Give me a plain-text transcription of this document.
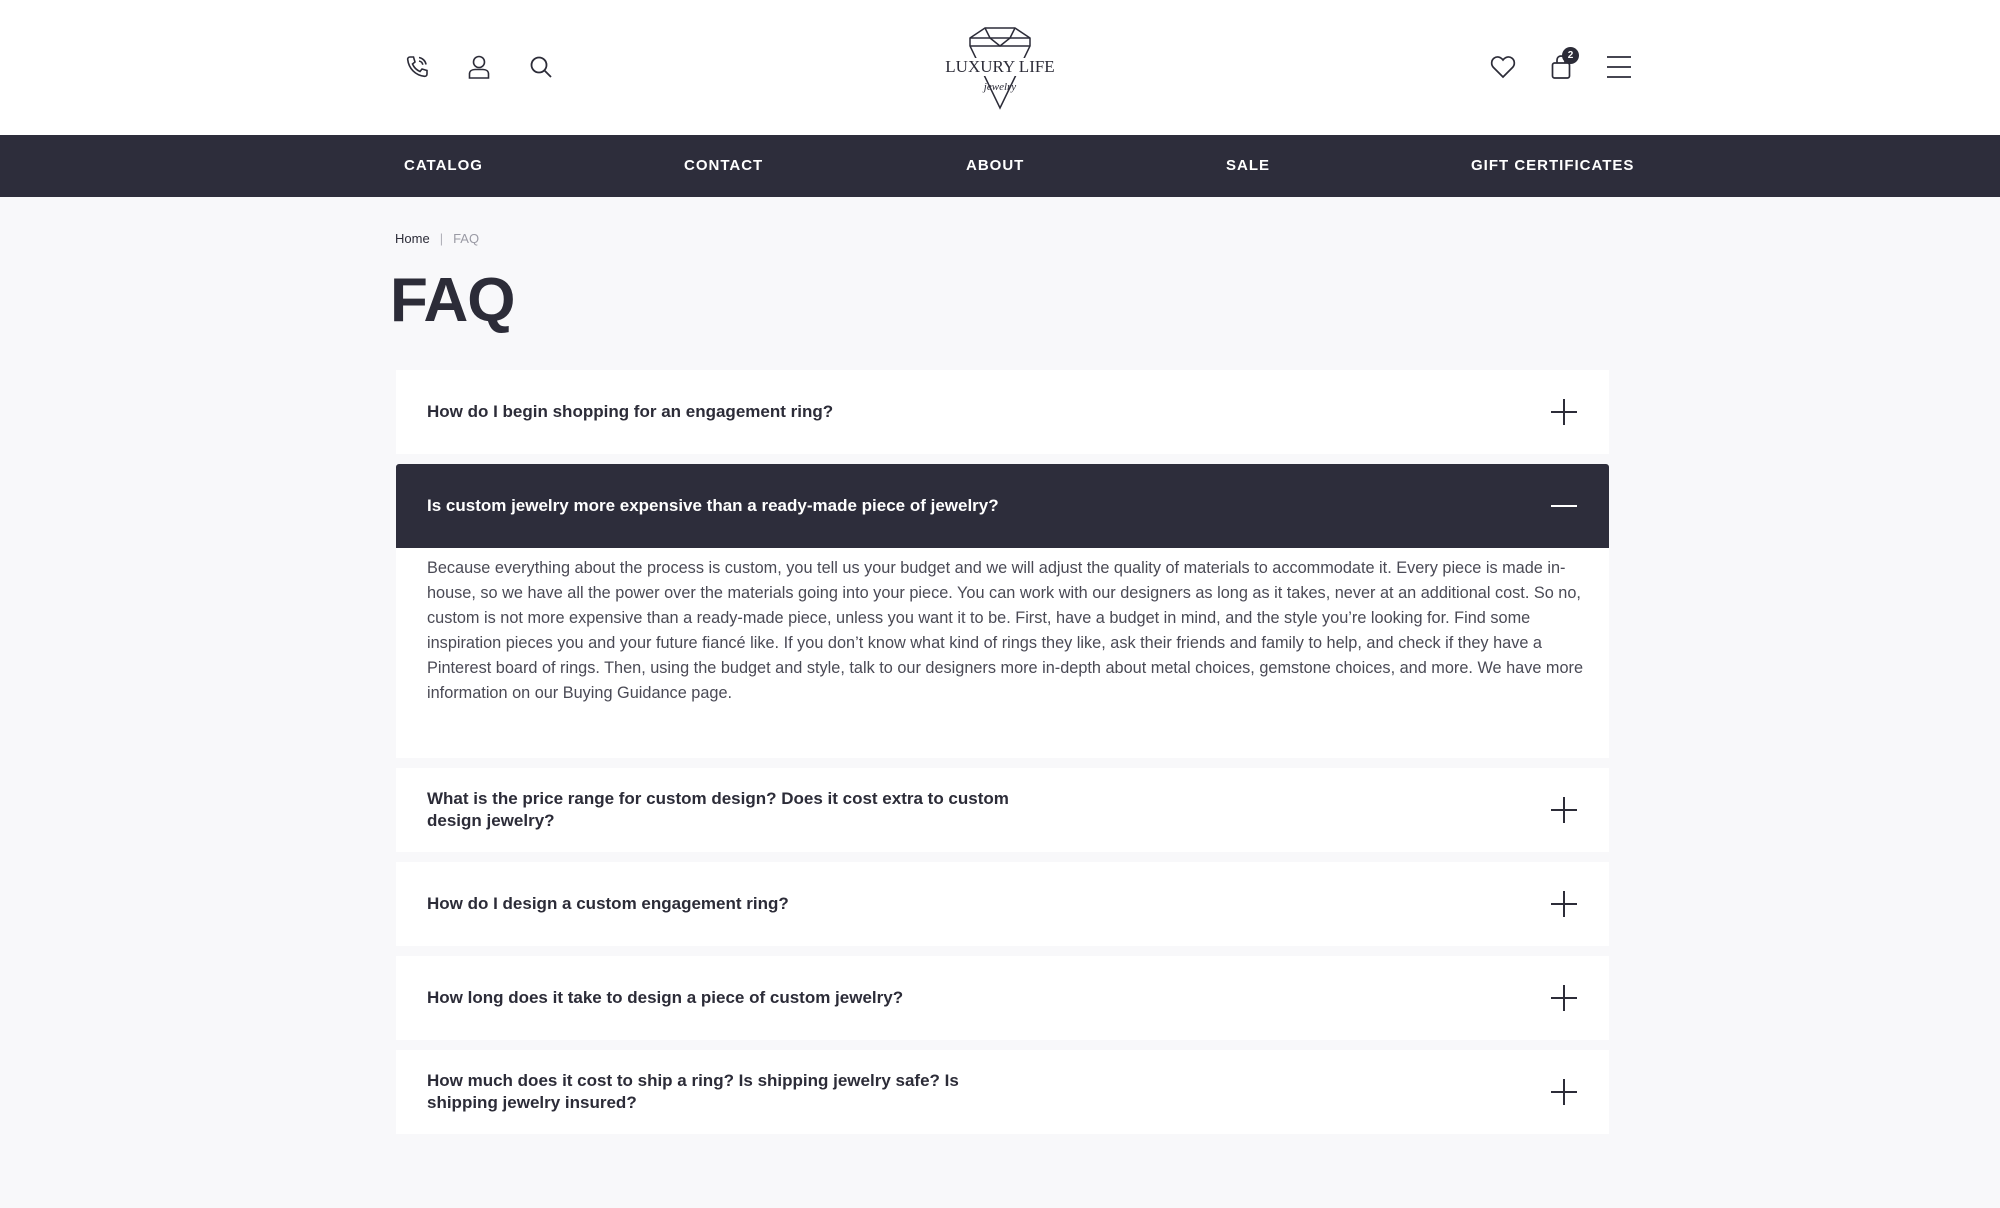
LUXURY LIFE
jewelry
2
CATALOG	CONTACT	ABOUT	SALE	GIFT CERTIFICATES
Home | FAQ
FAQ
How do I begin shopping for an engagement ring?
Is custom jewelry more expensive than a ready-made piece of jewelry?

Because everything about the process is custom, you tell us your budget and we will adjust the quality of materials to accommodate it. Every piece is made in-house, so we have all the power over the materials going into your piece. You can work with our designers as long as it takes, never at an additional cost. So no, custom is not more expensive than a ready-made piece, unless you want it to be. First, have a budget in mind, and the style you’re looking for. Find some inspiration pieces you and your future fiancé like. If you don’t know what kind of rings they like, ask their friends and family to help, and check if they have a Pinterest board of rings. Then, using the budget and style, talk to our designers more in-depth about metal choices, gemstone choices, and more. We have more information on our Buying Guidance page.

What is the price range for custom design? Does it cost extra to custom design jewelry?
How do I design a custom engagement ring?
How long does it take to design a piece of custom jewelry?
How much does it cost to ship a ring? Is shipping jewelry safe? Is shipping jewelry insured?
